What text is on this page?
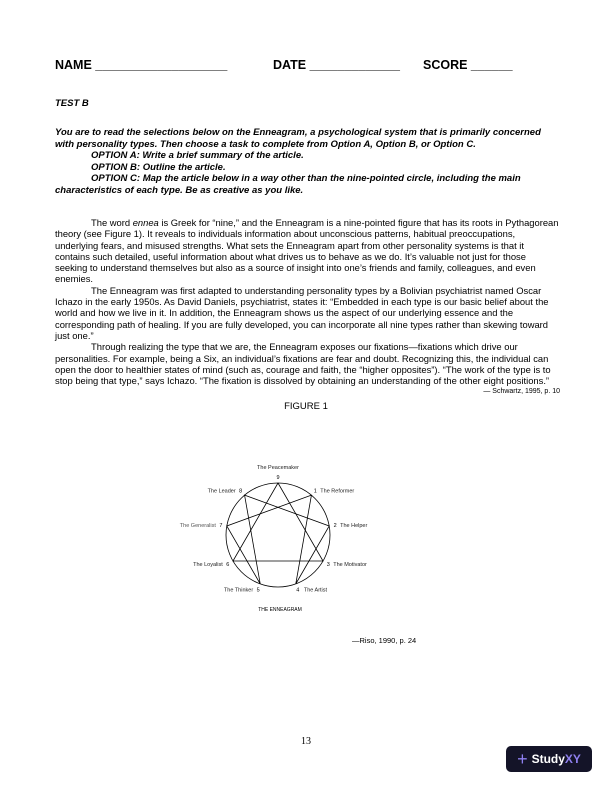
NAME ___________________	DATE _____________ SCORE ______
TEST B
You are to read the selections below on the Enneagram, a psychological system that is primarily concerned with personality types. Then choose a task to complete from Option A, Option B, or Option C.
OPTION A: Write a brief summary of the article.
OPTION B: Outline the article.
OPTION C: Map the article below in a way other than the nine-pointed circle, including the main characteristics of each type. Be as creative as you like.

The word ennea is Greek for “nine,” and the Enneagram is a nine-pointed figure that has its roots in Pythagorean theory (see Figure 1). It reveals to individuals information about unconscious patterns, habitual preoccupations, underlying fears, and misused strengths. What sets the Enneagram apart from other personality systems is that it contains such detailed, useful information about what drives us to behave as we do. It’s valuable not just for those seeking to understand themselves but also as a source of insight into one’s friends and family, colleagues, and even enemies.

The Enneagram was first adapted to understanding personality types by a Bolivian psychiatrist named Oscar Ichazo in the early 1950s. As David Daniels, psychiatrist, states it: “Embedded in each type is our basic belief about the world and how we live in it. In addition, the Enneagram shows us the aspect of our underlying essence and the corresponding path of healing. If you are fully developed, you can incorporate all nine types rather than skewing toward just one.”

Through realizing the type that we are, the Enneagram exposes our fixations—fixations which drive our personalities. For example, being a Six, an individual’s fixations are fear and doubt. Recognizing this, the individual can open the door to healthier states of mind (such as, courage and faith, the “higher opposites”). “The work of the type is to stop being that type,” says Ichazo. “The fixation is dissolved by obtaining an understanding of the other eight positions.”
— Schwartz, 1995, p. 10

FIGURE 1
9
The Peacemaker
1 The Reformer
2 The Helper
3 The Motivator
4 The Artist
5
The Thinker
6
The Loyalist
7
The Generalist
8
The Leader
THE ENNEAGRAM
—Riso, 1990, p. 24
13
+ StudyXY
